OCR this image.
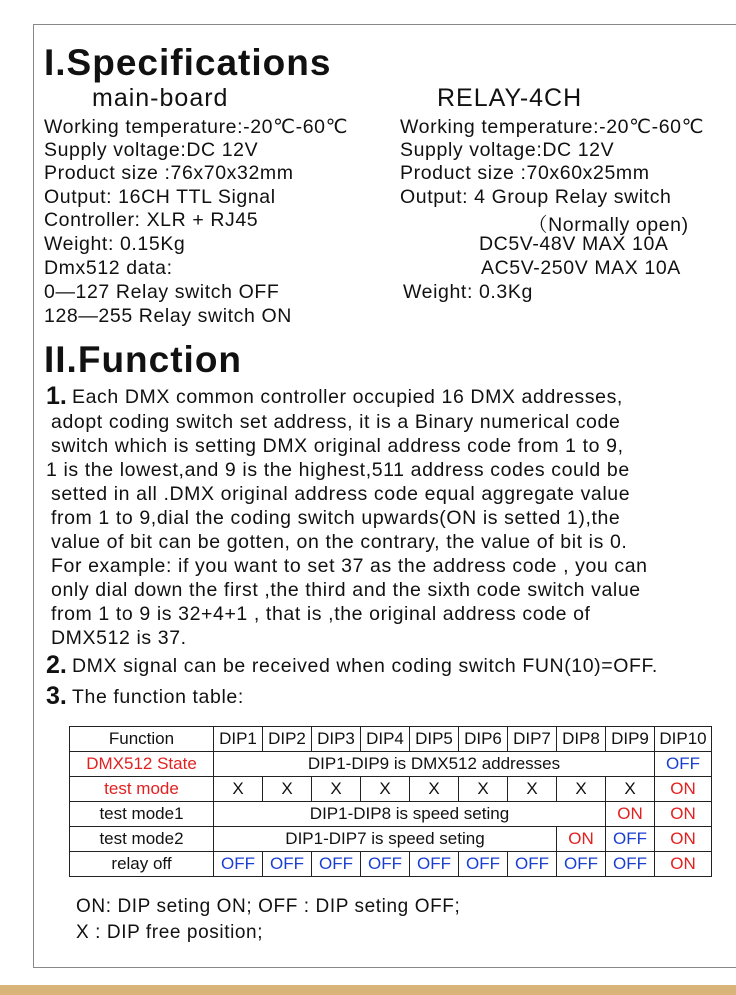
I.Specifications
main-board	RELAY-4CH
Working temperature:-20℃-60℃
Supply voltage:DC 12V
Product size :76x70x32mm
Output: 16CH TTL Signal
Controller: XLR + RJ45
Weight: 0.15Kg
Dmx512 data:
0—127 Relay switch OFF
128—255 Relay switch ON
Working temperature:-20℃-60℃
Supply voltage:DC 12V
Product size :70x60x25mm
Output: 4 Group Relay switch
（Normally open)
DC5V-48V MAX 10A
AC5V-250V MAX 10A
Weight: 0.3Kg
II.Function
1. Each DMX common controller occupied 16 DMX addresses,
adopt coding switch set address, it is a Binary numerical code
switch which is setting DMX original address code from 1 to 9,
1 is the lowest,and 9 is the highest,511 address codes could be
setted in all .DMX original address code equal aggregate value
from 1 to 9,dial the coding switch upwards(ON is setted 1),the
value of bit can be gotten, on the contrary, the value of bit is 0.
For example: if you want to set 37 as the address code , you can
only dial down the first ,the third and the sixth code switch value
from 1 to 9 is 32+4+1 , that is ,the original address code of
DMX512 is 37.
2. DMX signal can be received when coding switch FUN(10)=OFF.
3. The function table:
Function	DIP1	DIP2	DIP3	DIP4	DIP5	DIP6	DIP7	DIP8	DIP9	DIP10
DMX512 State	DIP1-DIP9 is DMX512 addresses									OFF
test mode	X	X	X	X	X	X	X	X	X	ON
test mode1	DIP1-DIP8 is speed seting								ON	ON
test mode2	DIP1-DIP7 is speed seting							ON	OFF	ON
relay off	OFF	OFF	OFF	OFF	OFF	OFF	OFF	OFF	OFF	ON
ON: DIP seting ON; OFF : DIP seting OFF;
X : DIP free position;
